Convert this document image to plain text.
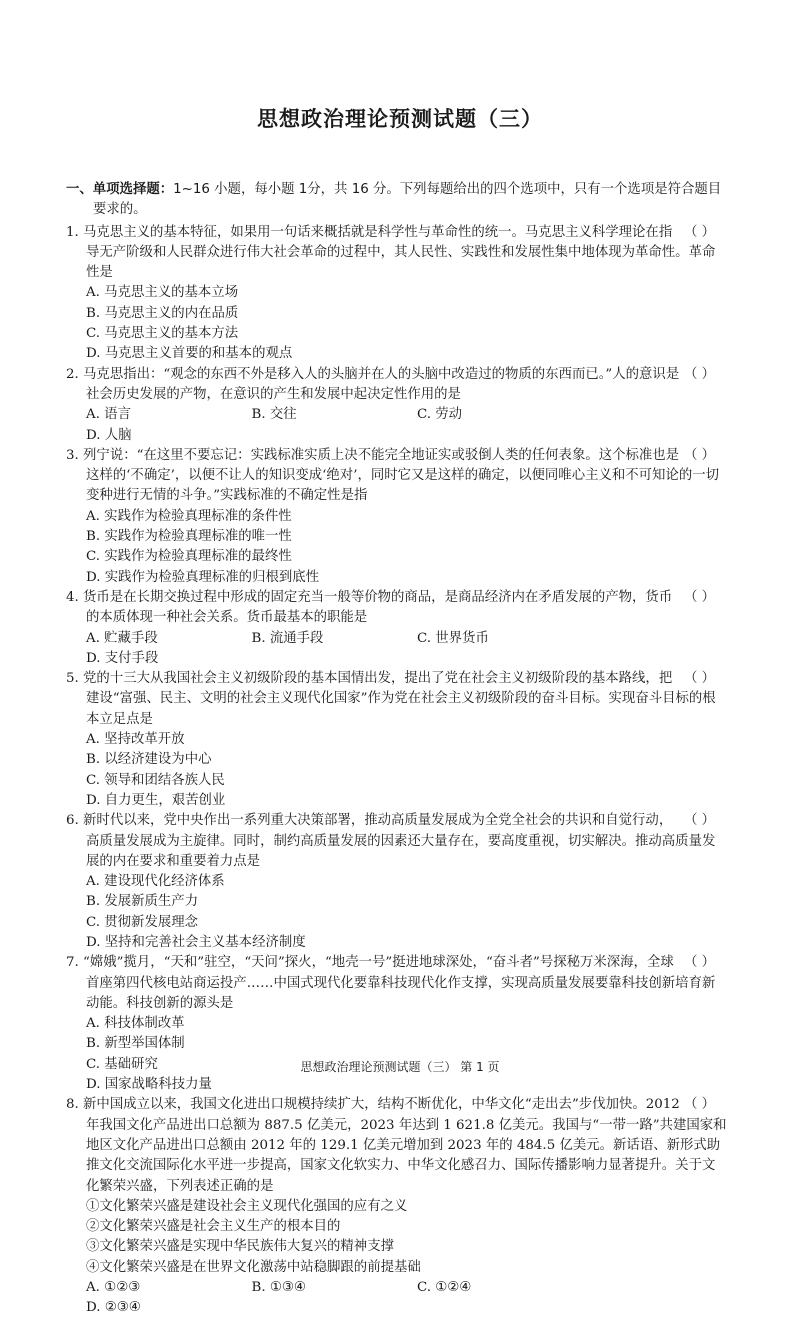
思想政治理论预测试题（三）
一、单项选择题：1~16 小题，每小题 1分，共 16 分。下列每题给出的四个选项中，只有一个选项是符合题目要求的。
（ ）
1. 马克思主义的基本特征，如果用一句话来概括就是科学性与革命性的统一。马克思主义科学理论在指导无产阶级和人民群众进行伟大社会革命的过程中，其人民性、实践性和发展性集中地体现为革命性。革命性是
A. 马克思主义的基本立场
B. 马克思主义的内在品质
C. 马克思主义的基本方法
D. 马克思主义首要的和基本的观点
（ ）
2. 马克思指出：“观念的东西不外是移入人的头脑并在人的头脑中改造过的物质的东西而已。”人的意识是社会历史发展的产物，在意识的产生和发展中起决定性作用的是
A. 语言	B. 交往	C. 劳动
D. 人脑
（ ）
3. 列宁说：“在这里不要忘记：实践标准实质上决不能完全地证实或驳倒人类的任何表象。这个标准也是这样的‘不确定’，以便不让人的知识变成‘绝对’，同时它又是这样的确定，以便同唯心主义和不可知论的一切变种进行无情的斗争。”实践标准的不确定性是指
A. 实践作为检验真理标准的条件性
B. 实践作为检验真理标准的唯一性
C. 实践作为检验真理标准的最终性
D. 实践作为检验真理标准的归根到底性
（ ）
4. 货币是在长期交换过程中形成的固定充当一般等价物的商品，是商品经济内在矛盾发展的产物，货币的本质体现一种社会关系。货币最基本的职能是
A. 贮藏手段	B. 流通手段	C. 世界货币
D. 支付手段
（ ）
5. 党的十三大从我国社会主义初级阶段的基本国情出发，提出了党在社会主义初级阶段的基本路线，把建设“富强、民主、文明的社会主义现代化国家”作为党在社会主义初级阶段的奋斗目标。实现奋斗目标的根本立足点是
A. 坚持改革开放
B. 以经济建设为中心
C. 领导和团结各族人民
D. 自力更生，艰苦创业
（ ）
6. 新时代以来，党中央作出一系列重大决策部署，推动高质量发展成为全党全社会的共识和自觉行动，高质量发展成为主旋律。同时，制约高质量发展的因素还大量存在，要高度重视，切实解决。推动高质量发展的内在要求和重要着力点是
A. 建设现代化经济体系
B. 发展新质生产力
C. 贯彻新发展理念
D. 坚持和完善社会主义基本经济制度
（ ）
7. “嫦娥”揽月，“天和”驻空，“天问”探火，“地壳一号”挺进地球深处，“奋斗者”号探秘万米深海，全球首座第四代核电站商运投产……中国式现代化要靠科技现代化作支撑，实现高质量发展要靠科技创新培育新动能。科技创新的源头是
A. 科技体制改革
B. 新型举国体制
C. 基础研究
D. 国家战略科技力量
（ ）
8. 新中国成立以来，我国文化进出口规模持续扩大，结构不断优化，中华文化“走出去”步伐加快。2012 年我国文化产品进出口总额为 887.5 亿美元，2023 年达到 1 621.8 亿美元。我国与“一带一路”共建国家和地区文化产品进出口总额由 2012 年的 129.1 亿美元增加到 2023 年的 484.5 亿美元。新话语、新形式助推文化交流国际化水平进一步提高，国家文化软实力、中华文化感召力、国际传播影响力显著提升。关于文化繁荣兴盛，下列表述正确的是
①文化繁荣兴盛是建设社会主义现代化强国的应有之义
②文化繁荣兴盛是社会主义生产的根本目的
③文化繁荣兴盛是实现中华民族伟大复兴的精神支撑
④文化繁荣兴盛是在世界文化激荡中站稳脚跟的前提基础
A. ①②③	B. ①③④	C. ①②④
D. ②③④
思想政治理论预测试题（三） 第 1 页
